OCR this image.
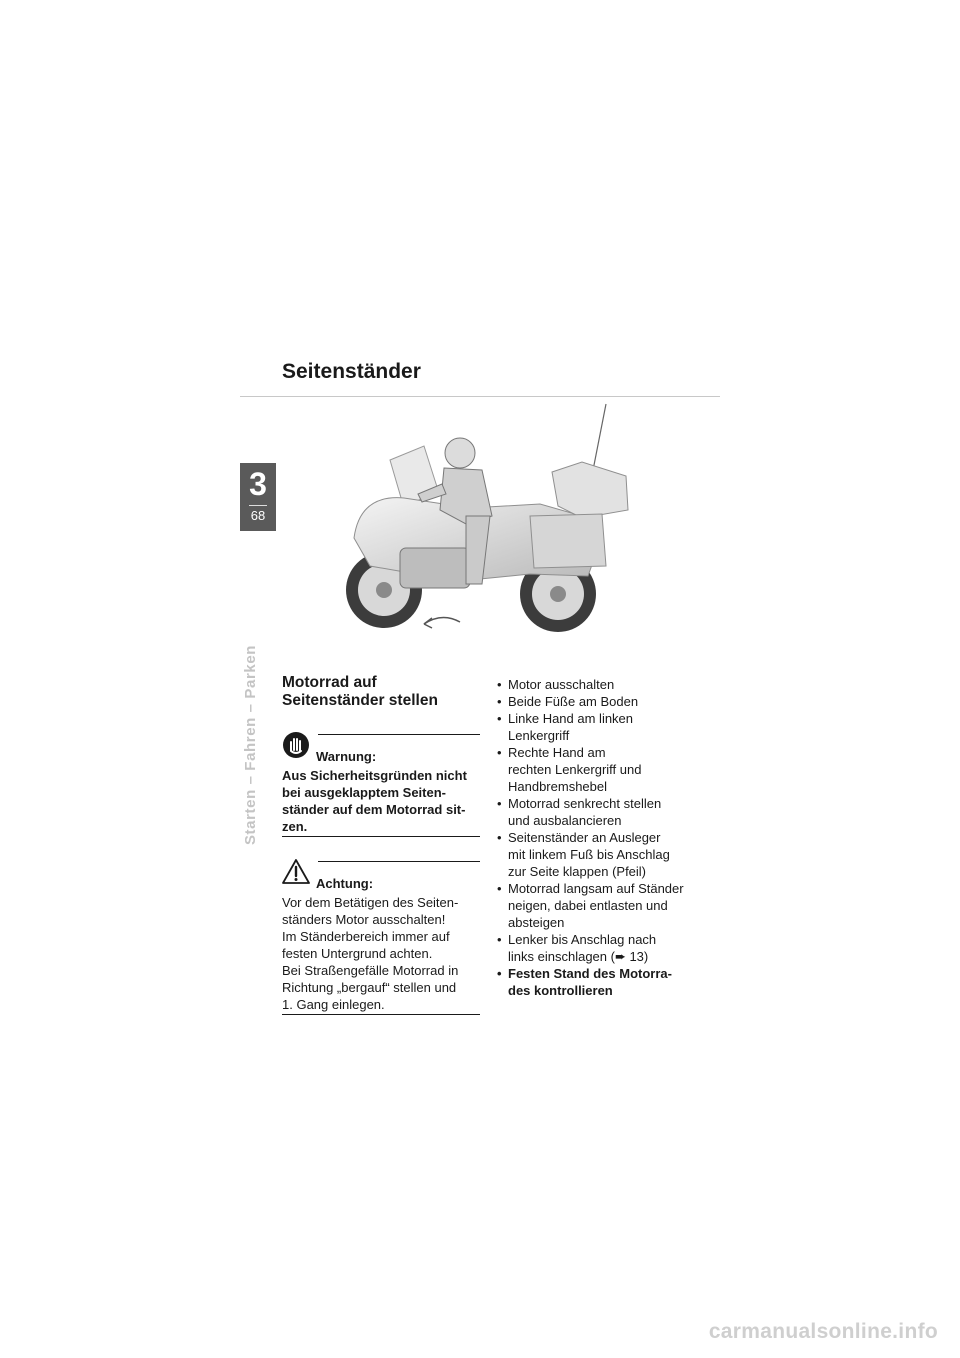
Seitenständer
3
68
Starten – Fahren – Parken Motorrad auf
Seitenständer stellen
Warnung:

Aus Sicherheitsgründen nicht
bei ausgeklapptem Seiten-
ständer auf dem Motorrad sit-
zen.

Achtung:

Vor dem Betätigen des Seiten-
ständers Motor ausschalten!
Im Ständerbereich immer auf
festen Untergrund achten.
Bei Straßengefälle Motorrad in
Richtung „bergauf“ stellen und
1. Gang einlegen.

• Motor ausschalten
• Beide Füße am Boden
• Linke Hand am linken
Lenkergriff
• Rechte Hand am
rechten Lenkergriff und
Handbremshebel
• Motorrad senkrecht stellen
und ausbalancieren
• Seitenständer an Ausleger
mit linkem Fuß bis Anschlag
zur Seite klappen (Pfeil)
• Motorrad langsam auf Ständer
neigen, dabei entlasten und
absteigen
• Lenker bis Anschlag nach
links einschlagen (➨ 13)
• Festen Stand des Motorra-
des kontrollieren
carmanualsonline.info
